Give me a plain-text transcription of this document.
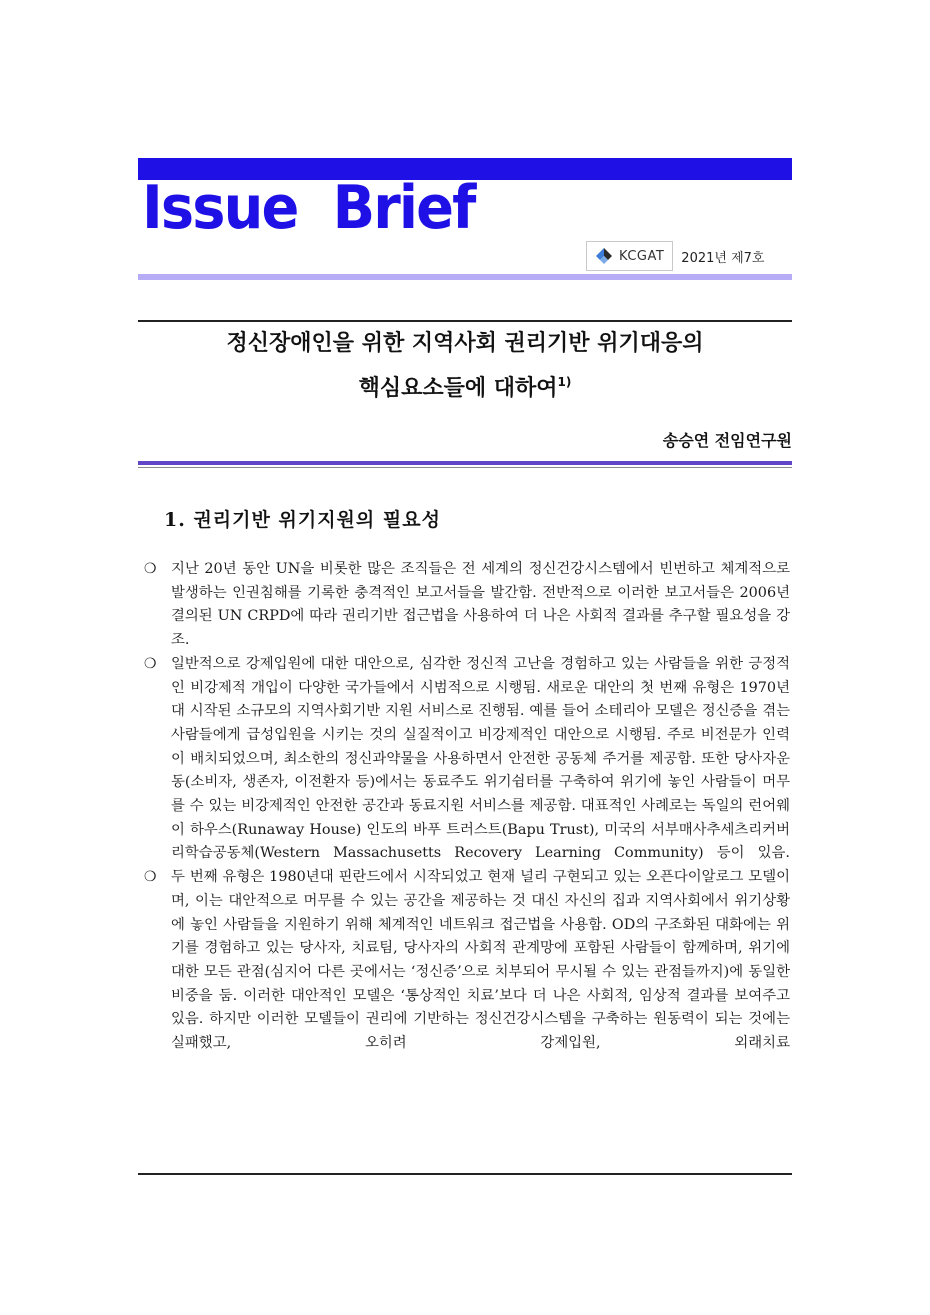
Issue  Brief
KCGAT 2021년 제7호
정신장애인을 위한 지역사회 권리기반 위기대응의
핵심요소들에 대하여$^{1)}$
송승연 전임연구원
1. 권리기반 위기지원의 필요성
❍ 지난 20년 동안 UN을 비롯한 많은 조직들은 전 세계의 정신건강시스템에서 빈번하고 체계적으로 발생하는 인권침해를 기록한 충격적인 보고서들을 발간함. 전반적으로 이러한 보고서들은 2006년 결의된 UN CRPD에 따라 권리기반 접근법을 사용하여 더 나은 사회적 결과를 추구할 필요성을 강조.
❍ 일반적으로 강제입원에 대한 대안으로, 심각한 정신적 고난을 경험하고 있는 사람들을 위한 긍정적인 비강제적 개입이 다양한 국가들에서 시범적으로 시행됨. 새로운 대안의 첫 번째 유형은 1970년대 시작된 소규모의 지역사회기반 지원 서비스로 진행됨. 예를 들어 소테리아 모델은 정신증을 겪는 사람들에게 급성입원을 시키는 것의 실질적이고 비강제적인 대안으로 시행됨. 주로 비전문가 인력이 배치되었으며, 최소한의 정신과약물을 사용하면서 안전한 공동체 주거를 제공함. 또한 당사자운동(소비자, 생존자, 이전환자 등)에서는 동료주도 위기쉼터를 구축하여 위기에 놓인 사람들이 머무를 수 있는 비강제적인 안전한 공간과 동료지원 서비스를 제공함. 대표적인 사례로는 독일의 런어웨이 하우스(Runaway House) 인도의 바푸 트러스트(Bapu Trust), 미국의 서부매사추세츠리커버리학습공동체(Western Massachusetts Recovery Learning Community) 등이 있음.
❍ 두 번째 유형은 1980년대 핀란드에서 시작되었고 현재 널리 구현되고 있는 오픈다이알로그 모델이며, 이는 대안적으로 머무를 수 있는 공간을 제공하는 것 대신 자신의 집과 지역사회에서 위기상황에 놓인 사람들을 지원하기 위해 체계적인 네트워크 접근법을 사용함. OD의 구조화된 대화에는 위기를 경험하고 있는 당사자, 치료팀, 당사자의 사회적 관계망에 포함된 사람들이 함께하며, 위기에 대한 모든 관점(심지어 다른 곳에서는 ‘정신증’으로 치부되어 무시될 수 있는 관점들까지)에 동일한 비중을 둠. 이러한 대안적인 모델은 ‘통상적인 치료’보다 더 나은 사회적, 임상적 결과를 보여주고 있음. 하지만 이러한 모델들이 권리에 기반하는 정신건강시스템을 구축하는 원동력이 되는 것에는 실패했고, 오히려 강제입원, 외래치료
